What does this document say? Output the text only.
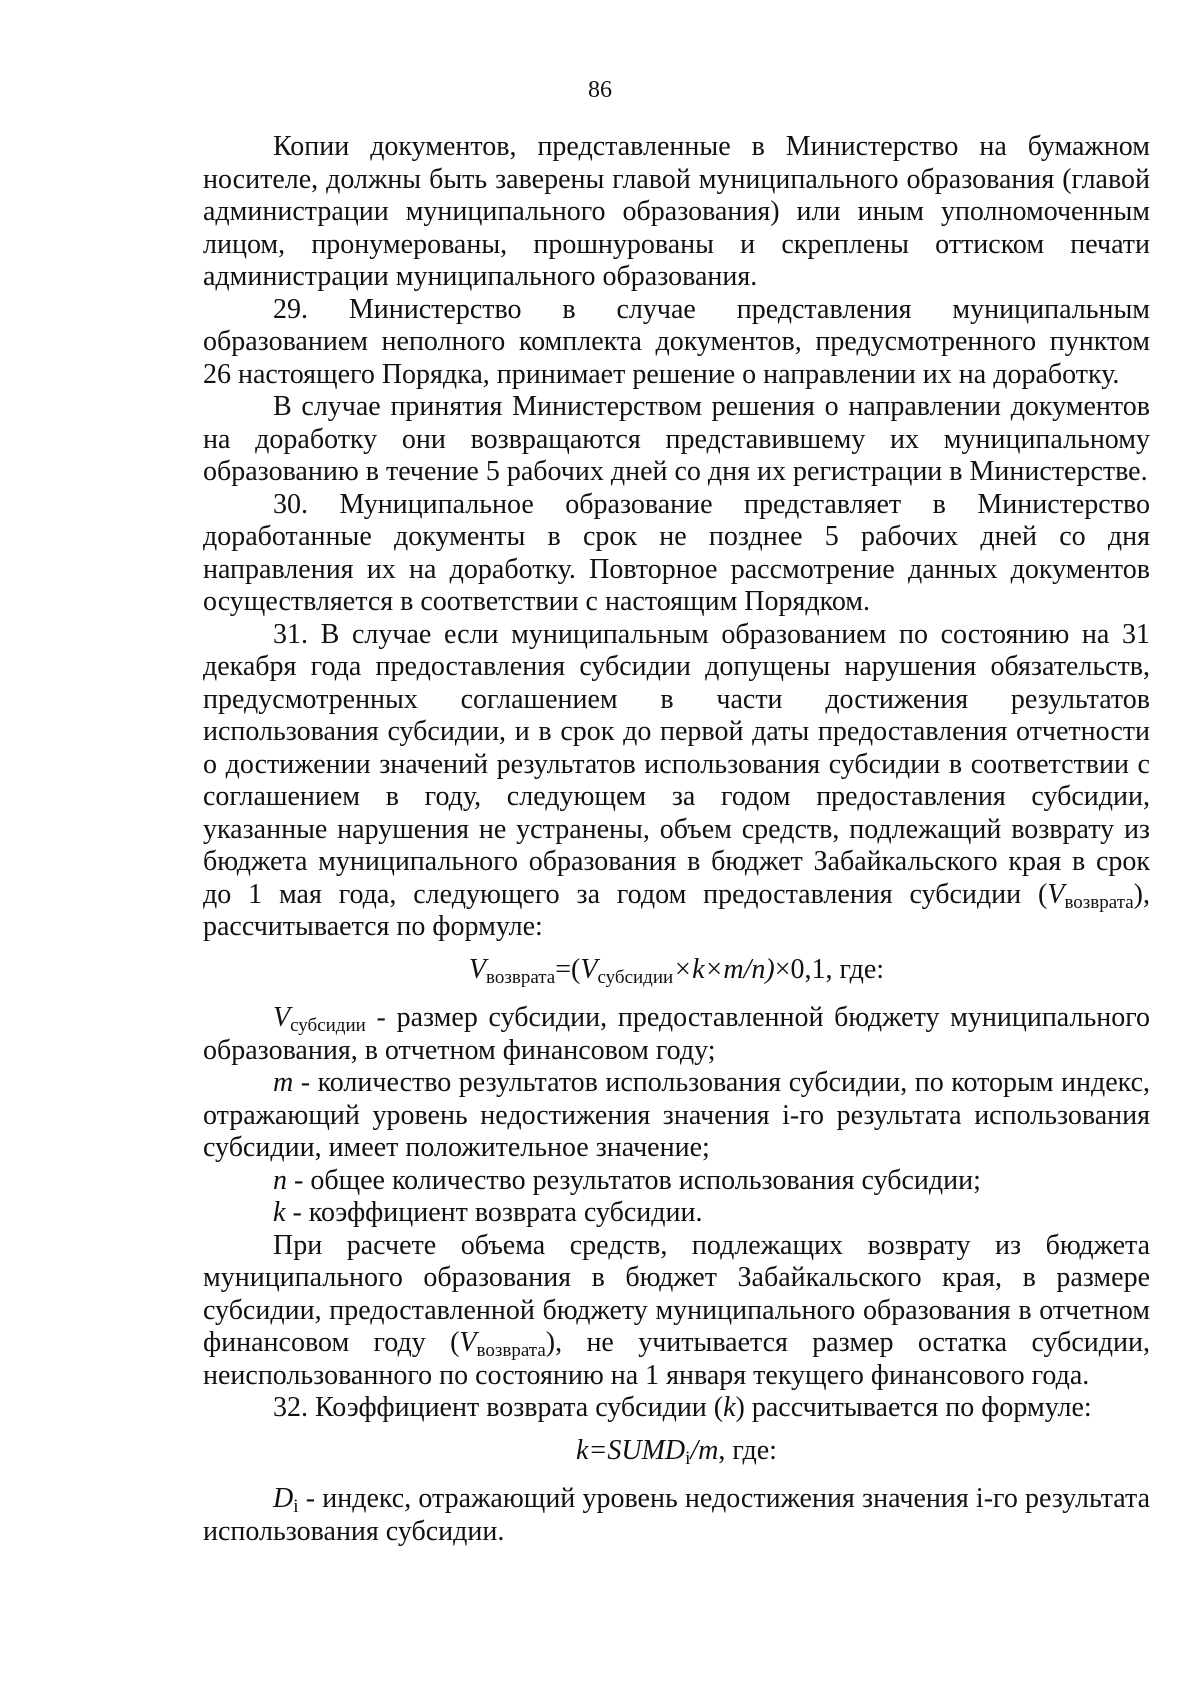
86

Копии документов, представленные в Министерство на бумажном носителе, должны быть заверены главой муниципального образования (главой администрации муниципального образования) или иным уполномоченным лицом, пронумерованы, прошнурованы и скреплены оттиском печати администрации муниципального образования.

29. Министерство в случае представления муниципальным образованием неполного комплекта документов, предусмотренного пунктом 26 настоящего Порядка, принимает решение о направлении их на доработку.

В случае принятия Министерством решения о направлении документов на доработку они возвращаются представившему их муниципальному образованию в течение 5 рабочих дней со дня их регистрации в Министерстве.

30. Муниципальное образование представляет в Министерство доработанные документы в срок не позднее 5 рабочих дней со дня направления их на доработку. Повторное рассмотрение данных документов осуществляется в соответствии с настоящим Порядком.

31. В случае если муниципальным образованием по состоянию на 31 декабря года предоставления субсидии допущены нарушения обязательств, предусмотренных соглашением в части достижения результатов использования субсидии, и в срок до первой даты предоставления отчетности о достижении значений результатов использования субсидии в соответствии с соглашением в году, следующем за годом предоставления субсидии, указанные нарушения не устранены, объем средств, подлежащий возврату из бюджета муниципального образования в бюджет Забайкальского края в срок до 1 мая года, следующего за годом предоставления субсидии $(V_{возврата})$, рассчитывается по формуле:

$V_{возврата}=(V_{субсидии}\times k\times m/n)\times 0,1$, где:

$V_{субсидии}$ - размер субсидии, предоставленной бюджету муниципального образования, в отчетном финансовом году;

m - количество результатов использования субсидии, по которым индекс, отражающий уровень недостижения значения i-го результата использования субсидии, имеет положительное значение;

n - общее количество результатов использования субсидии;

k - коэффициент возврата субсидии.

При расчете объема средств, подлежащих возврату из бюджета муниципального образования в бюджет Забайкальского края, в размере субсидии, предоставленной бюджету муниципального образования в отчетном финансовом году $(V_{возврата})$, не учитывается размер остатка субсидии, неиспользованного по состоянию на 1 января текущего финансового года.

32. Коэффициент возврата субсидии (k) рассчитывается по формуле:

$k=SUMD_i/m$, где:

$D_i$ - индекс, отражающий уровень недостижения значения i-го результата использования субсидии.
